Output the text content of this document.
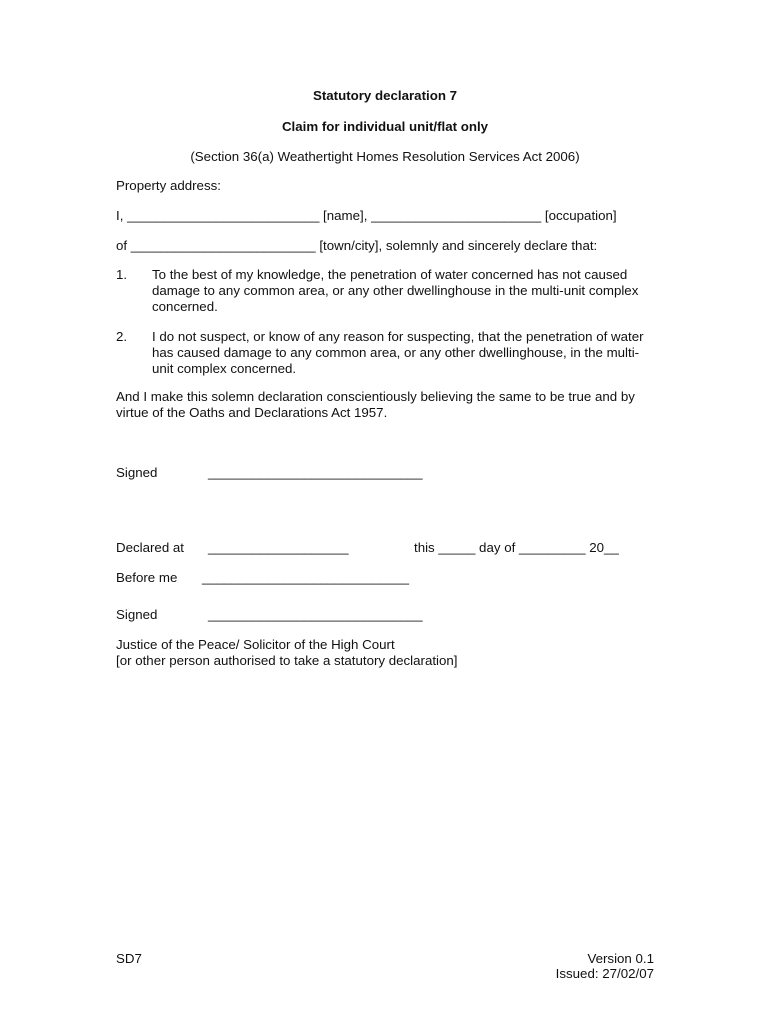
Statutory declaration 7
Claim for individual unit/flat only
(Section 36(a) Weathertight Homes Resolution Services Act 2006)
Property address:
I, __________________________ [name], _______________________ [occupation]
of _________________________ [town/city], solemnly and sincerely declare that:
1. To the best of my knowledge, the penetration of water concerned has not caused damage to any common area, or any other dwellinghouse in the multi-unit complex concerned.
2. I do not suspect, or know of any reason for suspecting, that the penetration of water has caused damage to any common area, or any other dwellinghouse, in the multi-unit complex concerned.
And I make this solemn declaration conscientiously believing the same to be true and by virtue of the Oaths and Declarations Act 1957.
Signed	_____________________________
Declared at ___________________	this _____ day of _________ 20__
Before me ____________________________
Signed	_____________________________
Justice of the Peace/ Solicitor of the High Court
[or other person authorised to take a statutory declaration]
SD7	Version 0.1
Issued: 27/02/07
